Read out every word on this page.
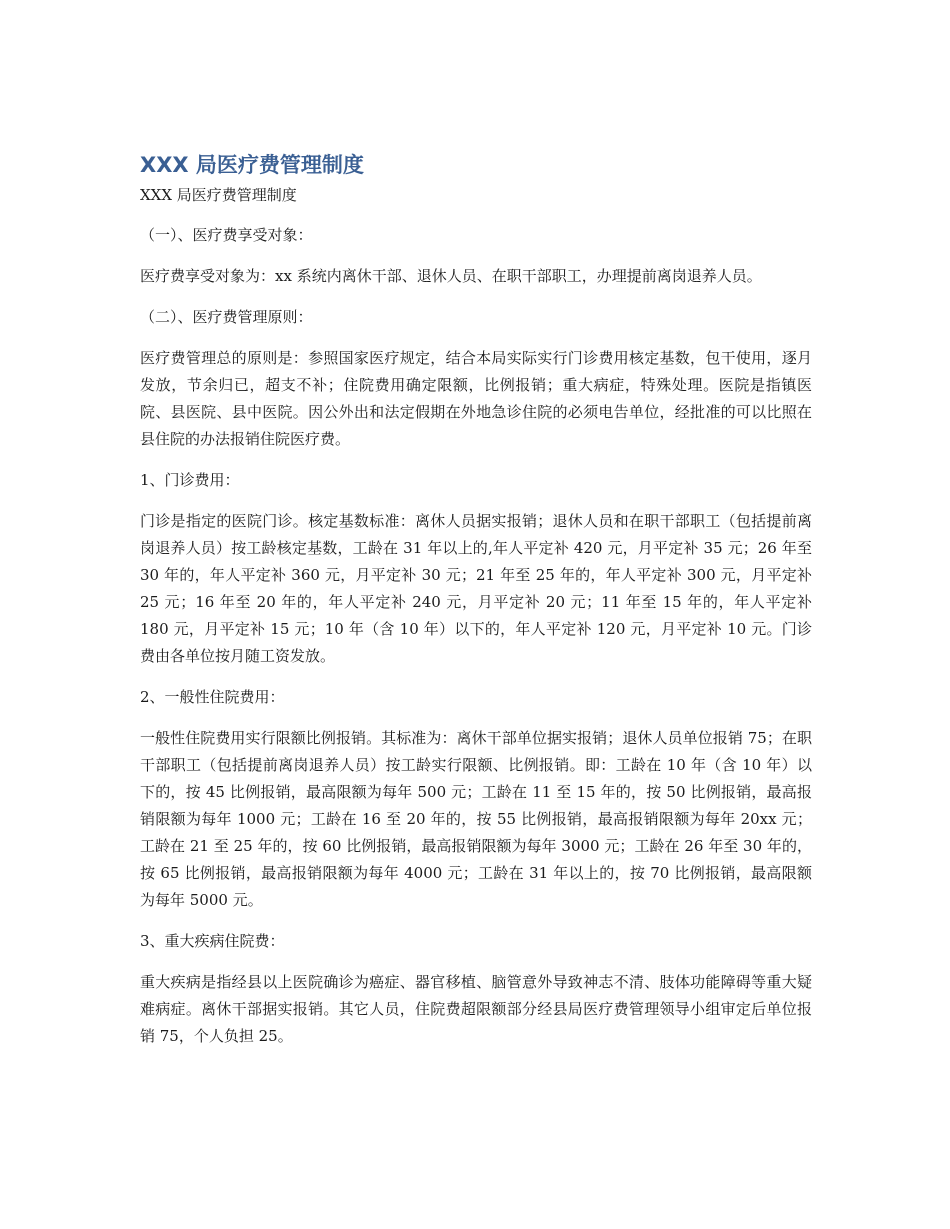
XXX 局医疗费管理制度

XXX 局医疗费管理制度

（一）、医疗费享受对象：

医疗费享受对象为：xx 系统内离休干部、退休人员、在职干部职工，办理提前离岗退养人员。

（二）、医疗费管理原则：

医疗费管理总的原则是：参照国家医疗规定，结合本局实际实行门诊费用核定基数，包干使用，逐月发放，节余归已，超支不补；住院费用确定限额，比例报销；重大病症，特殊处理。医院是指镇医院、县医院、县中医院。因公外出和法定假期在外地急诊住院的必须电告单位，经批准的可以比照在县住院的办法报销住院医疗费。

1、门诊费用：

门诊是指定的医院门诊。核定基数标准：离休人员据实报销；退休人员和在职干部职工（包括提前离岗退养人员）按工龄核定基数，工龄在 31 年以上的,年人平定补 420 元，月平定补 35 元；26 年至 30 年的，年人平定补 360 元，月平定补 30 元；21 年至 25 年的，年人平定补 300 元，月平定补 25 元；16 年至 20 年的，年人平定补 240 元，月平定补 20 元；11 年至 15 年的，年人平定补 180 元，月平定补 15 元；10 年（含 10 年）以下的，年人平定补 120 元，月平定补 10 元。门诊费由各单位按月随工资发放。

2、一般性住院费用：

一般性住院费用实行限额比例报销。其标准为：离休干部单位据实报销；退休人员单位报销 75；在职干部职工（包括提前离岗退养人员）按工龄实行限额、比例报销。即：工龄在 10 年（含 10 年）以下的，按 45 比例报销，最高限额为每年 500 元；工龄在 11 至 15 年的，按 50 比例报销，最高报销限额为每年 1000 元；工龄在 16 至 20 年的，按 55 比例报销，最高报销限额为每年 20xx 元；工龄在 21 至 25 年的，按 60 比例报销，最高报销限额为每年 3000 元；工龄在 26 年至 30 年的，按 65 比例报销，最高报销限额为每年 4000 元；工龄在 31 年以上的，按 70 比例报销，最高限额为每年 5000 元。

3、重大疾病住院费：

重大疾病是指经县以上医院确诊为癌症、器官移植、脑管意外导致神志不清、肢体功能障碍等重大疑难病症。离休干部据实报销。其它人员，住院费超限额部分经县局医疗费管理领导小组审定后单位报销 75，个人负担 25。
